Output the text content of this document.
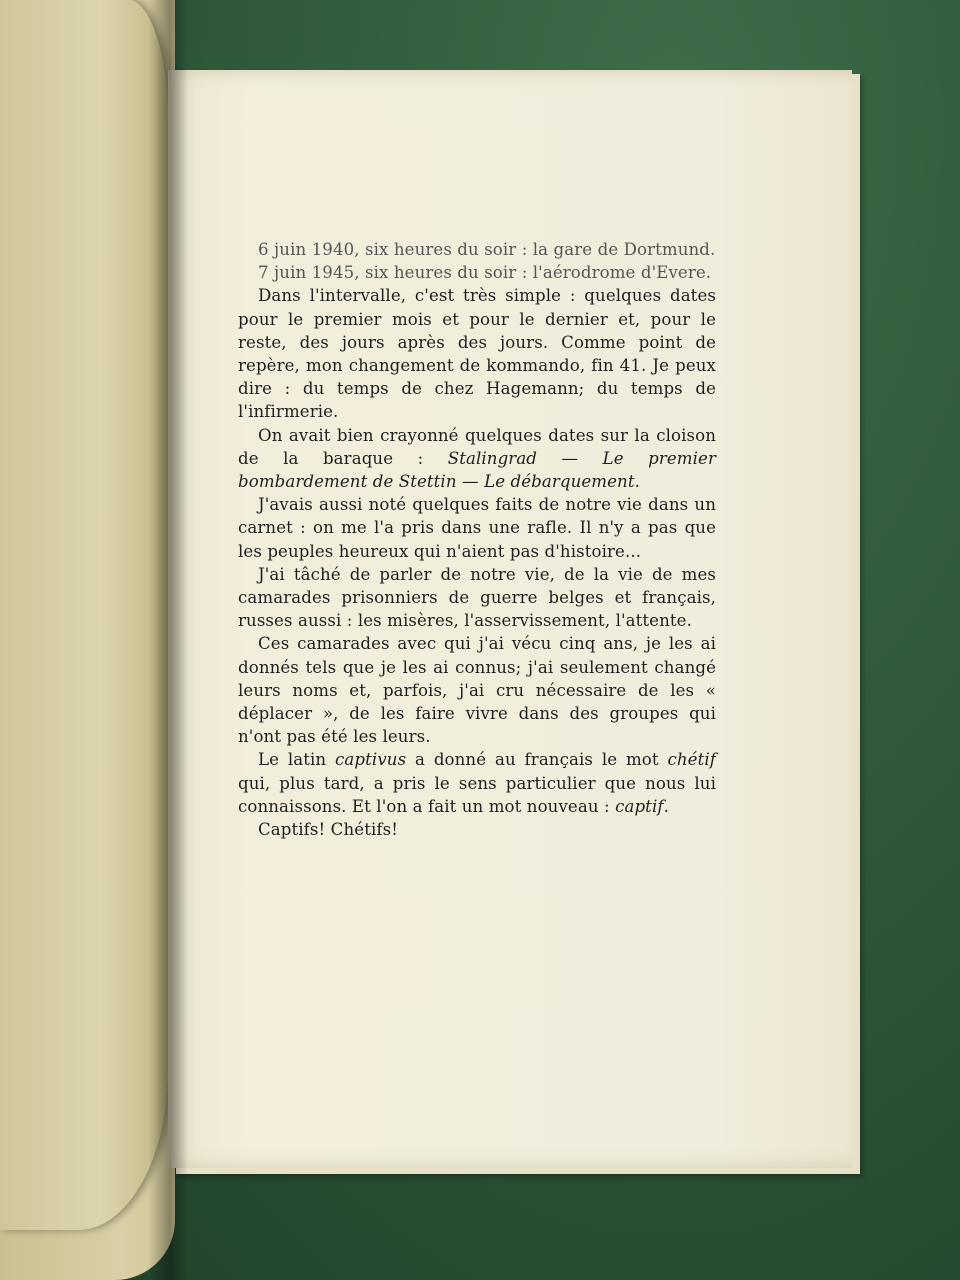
6 juin 1940, six heures du soir : la gare de Dortmund.

7 juin 1945, six heures du soir : l'aérodrome d'Evere.

Dans l'intervalle, c'est très simple : quelques dates pour le premier mois et pour le dernier et, pour le reste, des jours après des jours. Comme point de repère, mon changement de kommando, fin 41. Je peux dire : du temps de chez Hagemann; du temps de l'infirmerie.

On avait bien crayonné quelques dates sur la cloison de la baraque : Stalingrad — Le premier bombardement de Stettin — Le débarquement.

J'avais aussi noté quelques faits de notre vie dans un carnet : on me l'a pris dans une rafle. Il n'y a pas que les peuples heureux qui n'aient pas d'histoire...

J'ai tâché de parler de notre vie, de la vie de mes camarades prisonniers de guerre belges et français, russes aussi : les misères, l'asservissement, l'attente.

Ces camarades avec qui j'ai vécu cinq ans, je les ai donnés tels que je les ai connus; j'ai seulement changé leurs noms et, parfois, j'ai cru nécessaire de les « déplacer », de les faire vivre dans des groupes qui n'ont pas été les leurs.

Le latin captivus a donné au français le mot chétif qui, plus tard, a pris le sens particulier que nous lui connaissons. Et l'on a fait un mot nouveau : captif.

Captifs! Chétifs!
